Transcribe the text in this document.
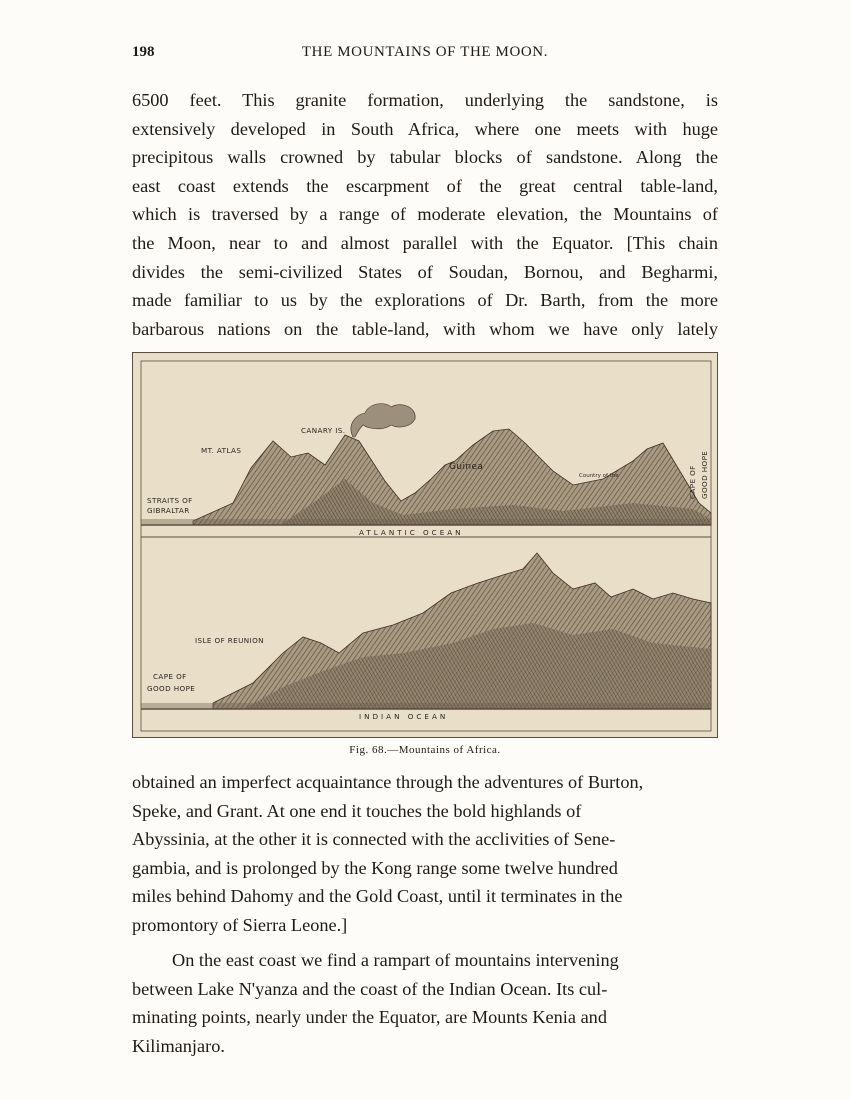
198	THE MOUNTAINS OF THE MOON.
6500 feet. This granite formation, underlying the sandstone, is
extensively developed in South Africa, where one meets with huge
precipitous walls crowned by tabular blocks of sandstone. Along the
east coast extends the escarpment of the great central table-land,
which is traversed by a range of moderate elevation, the Mountains of
the Moon, near to and almost parallel with the Equator. [This chain
divides the semi-civilized States of Soudan, Bornou, and Begharmi,
made familiar to us by the explorations of Dr. Barth, from the more
barbarous nations on the table-land, with whom we have only lately
CANARY IS.
MT. ATLAS
STRAITS OF
GIBRALTAR
Guinea
Country of the
ATLANTIC OCEAN
CAPE OF GOOD HOPE
ISLE OF REUNION
CAPE OF
GOOD HOPE
INDIAN OCEAN
Fig. 68.—Mountains of Africa.
obtained an imperfect acquaintance through the adventures of Burton,
Speke, and Grant. At one end it touches the bold highlands of
Abyssinia, at the other it is connected with the acclivities of Sene-
gambia, and is prolonged by the Kong range some twelve hundred
miles behind Dahomy and the Gold Coast, until it terminates in the
promontory of Sierra Leone.]
On the east coast we find a rampart of mountains intervening
between Lake N'yanza and the coast of the Indian Ocean. Its cul-
minating points, nearly under the Equator, are Mounts Kenia and
Kilimanjaro.
